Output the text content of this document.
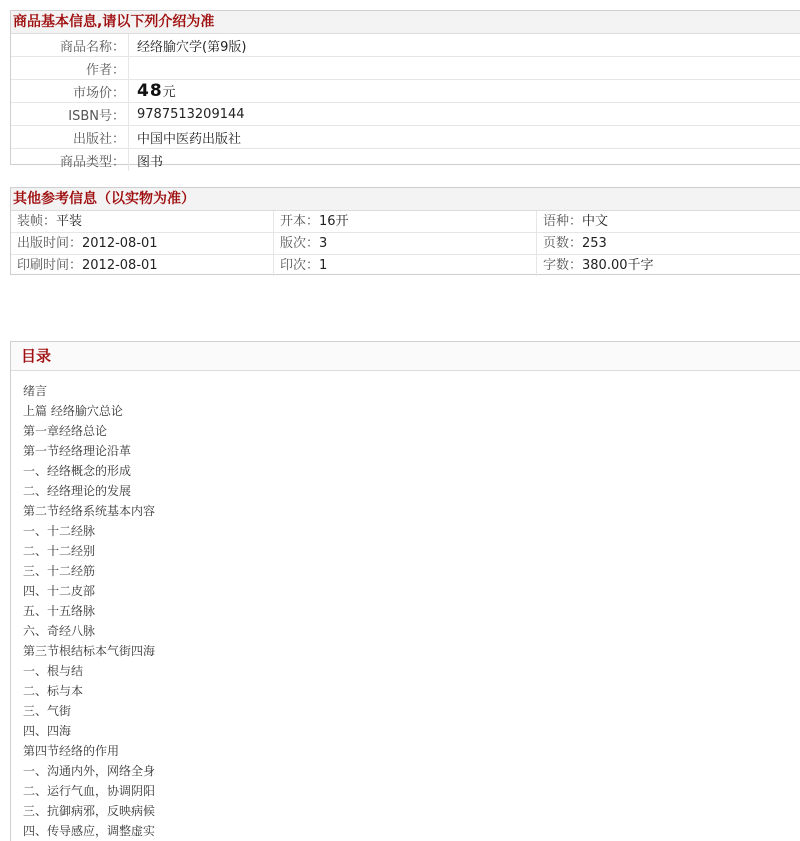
商品基本信息,请以下列介绍为准
商品名称： 经络腧穴学(第9版)
作者：
市场价： 48元
ISBN号： 9787513209144
出版社： 中国中医药出版社
商品类型： 图书
其他参考信息（以实物为准）
装帧：平装	开本：16开	语种：中文
出版时间：2012-08-01	版次：3	页数：253
印刷时间：2012-08-01	印次：1	字数：380.00千字
目录
绪言
上篇 经络腧穴总论
第一章经络总论
第一节经络理论沿革
一、经络概念的形成
二、经络理论的发展
第二节经络系统基本内容
一、十二经脉
二、十二经别
三、十二经筋
四、十二皮部
五、十五络脉
六、奇经八脉
第三节根结标本气街四海
一、根与结
二、标与本
三、气街
四、四海
第四节经络的作用
一、沟通内外，网络全身
二、运行气血，协调阴阳
三、抗御病邪，反映病候
四、传导感应，调整虚实
